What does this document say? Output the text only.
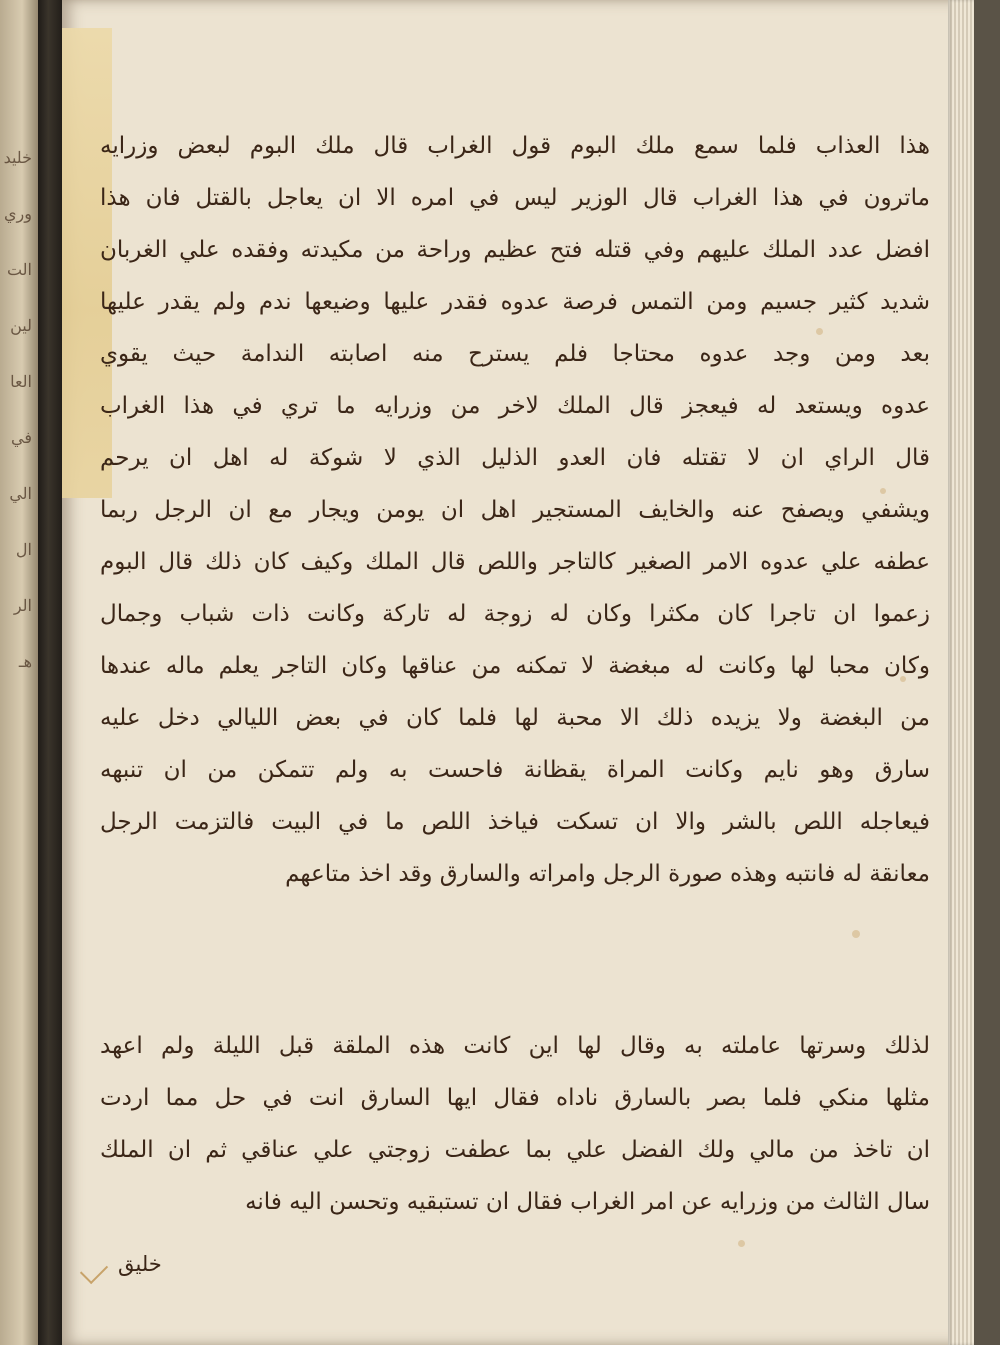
خلید
وري
الت
لين
العا
في
الي
ال
الر
هـ
هذا العذاب فلما سمع ملك البوم قول الغراب قال ملك البوم لبعض وزرايه
ماترون في هذا الغراب قال الوزير ليس في امره الا ان يعاجل بالقتل فان هذا
افضل عدد الملك عليهم وفي قتله فتح عظيم وراحة من مكيدته وفقده علي الغربان
شديد كثير جسيم ومن التمس فرصة عدوه فقدر عليها وضيعها ندم ولم يقدر عليها
بعد ومن وجد عدوه محتاجا فلم يسترح منه اصابته الندامة حيث يقوي
عدوه ويستعد له فيعجز قال الملك لاخر من وزرايه ما تري في هذا الغراب
قال الراي ان لا تقتله فان العدو الذليل الذي لا شوكة له اهل ان يرحم
ويشفي ويصفح عنه والخايف المستجير اهل ان يومن ويجار مع ان الرجل ربما
عطفه علي عدوه الامر الصغير كالتاجر واللص قال الملك وكيف كان ذلك قال البوم
زعموا ان تاجرا كان مكثرا وكان له زوجة له تاركة وكانت ذات شباب وجمال
وكان محبا لها وكانت له مبغضة لا تمكنه من عناقها وكان التاجر يعلم ماله عندها
من البغضة ولا يزيده ذلك الا محبة لها فلما كان في بعض الليالي دخل عليه
سارق وهو نايم وكانت المراة يقظانة فاحست به ولم تتمكن من ان تنبهه
فيعاجله اللص بالشر والا ان تسكت فياخذ اللص ما في البيت فالتزمت الرجل
معانقة له فانتبه وهذه صورة الرجل وامراته والسارق وقد اخذ متاعهم
لذلك وسرتها عاملته به وقال لها اين كانت هذه الملقة قبل الليلة ولم اعهد
مثلها منكي فلما بصر بالسارق ناداه فقال ايها السارق انت في حل مما اردت
ان تاخذ من مالي ولك الفضل علي بما عطفت زوجتي علي عناقي ثم ان الملك
سال الثالث من وزرايه عن امر الغراب فقال ان تستبقيه وتحسن اليه فانه
خليق
